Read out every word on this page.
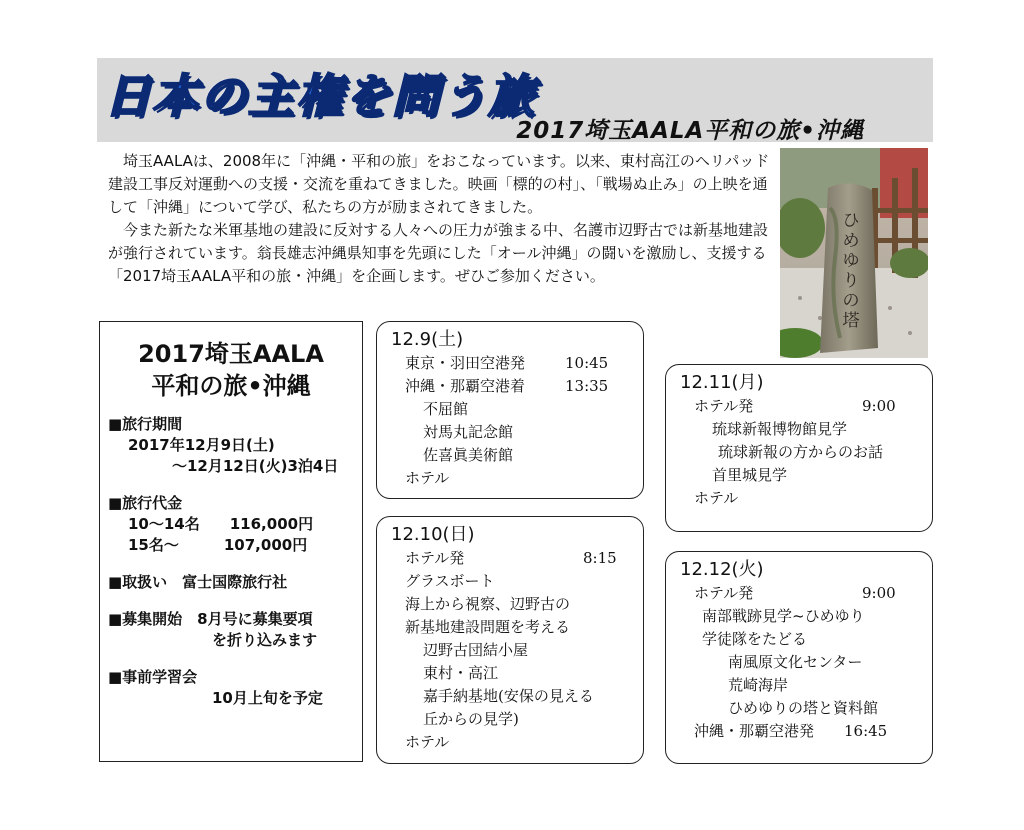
日本の主権を問う旅
2017埼玉AALA平和の旅•沖縄

埼玉AALAは、2008年に「沖縄・平和の旅」をおこなっています。以来、東村高江のヘリパッド建設工事反対運動への支援・交流を重ねてきました。映画「標的の村」、「戦場ぬ止み」の上映を通して「沖縄」について学び、私たちの方が励まされてきました。

今また新たな米軍基地の建設に反対する人々への圧力が強まる中、名護市辺野古では新基地建設が強行されています。翁長雄志沖縄県知事を先頭にした「オール沖縄」の闘いを激励し、支援する「2017埼玉AALA平和の旅・沖縄」を企画します。ぜひご参加ください。

ひ
め
ゆ
り
の
塔
2017埼玉AALA
平和の旅•沖縄
■旅行期間
2017年12月9日(土)
～12月12日(火)3泊4日
■旅行代金
10～14名　　116,000円
15名～　　　107,000円
■取扱い　富士国際旅行社
■募集開始　8月号に募集要項
を折り込みます
■事前学習会
10月上旬を予定
12.9(土)
東京・羽田空港発	10:45
沖縄・那覇空港着	13:35
不屈館
対馬丸記念館
佐喜眞美術館
ホテル
12.10(日)
ホテル発	8:15
グラスボート
海上から視察、辺野古の
新基地建設問題を考える
辺野古団結小屋
東村・高江
嘉手納基地(安保の見える
丘からの見学)
ホテル
12.11(月)
ホテル発	9:00
琉球新報博物館見学
琉球新報の方からのお話
首里城見学
ホテル
12.12(火)
ホテル発	9:00
南部戦跡見学~ひめゆり
学徒隊をたどる
南風原文化センター
荒崎海岸
ひめゆりの塔と資料館
沖縄・那覇空港発 16:45
